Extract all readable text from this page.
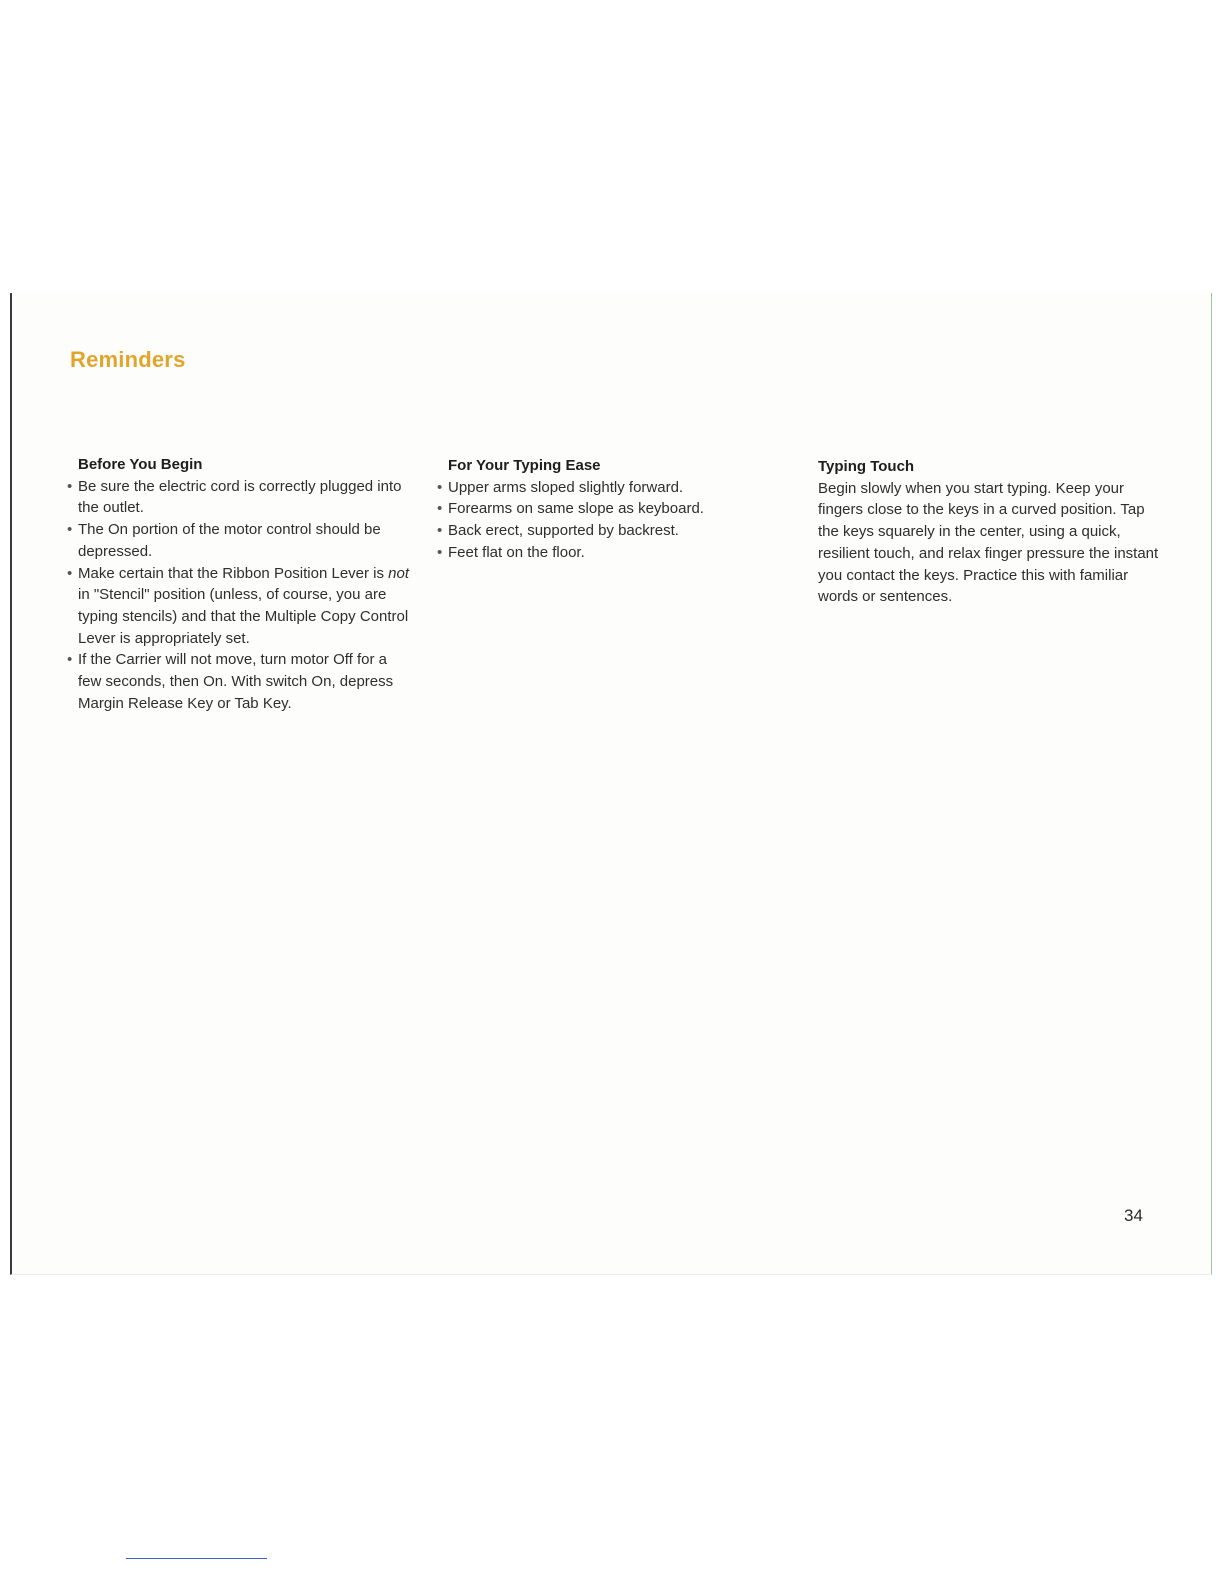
Reminders
Before You Begin
• Be sure the electric cord is correctly plugged into the outlet.
• The On portion of the motor control should be depressed.
• Make certain that the Ribbon Position Lever is not in "Stencil" position (unless, of course, you are typing stencils) and that the Multiple Copy Control Lever is appropriately set.
• If the Carrier will not move, turn motor Off for a few seconds, then On. With switch On, depress Margin Release Key or Tab Key.
For Your Typing Ease
• Upper arms sloped slightly forward.
• Forearms on same slope as keyboard.
• Back erect, supported by backrest.
• Feet flat on the floor.
Typing Touch

Begin slowly when you start typing. Keep your fingers close to the keys in a curved position. Tap the keys squarely in the center, using a quick, resilient touch, and relax finger pressure the instant you contact the keys. Practice this with familiar words or sentences.

34
